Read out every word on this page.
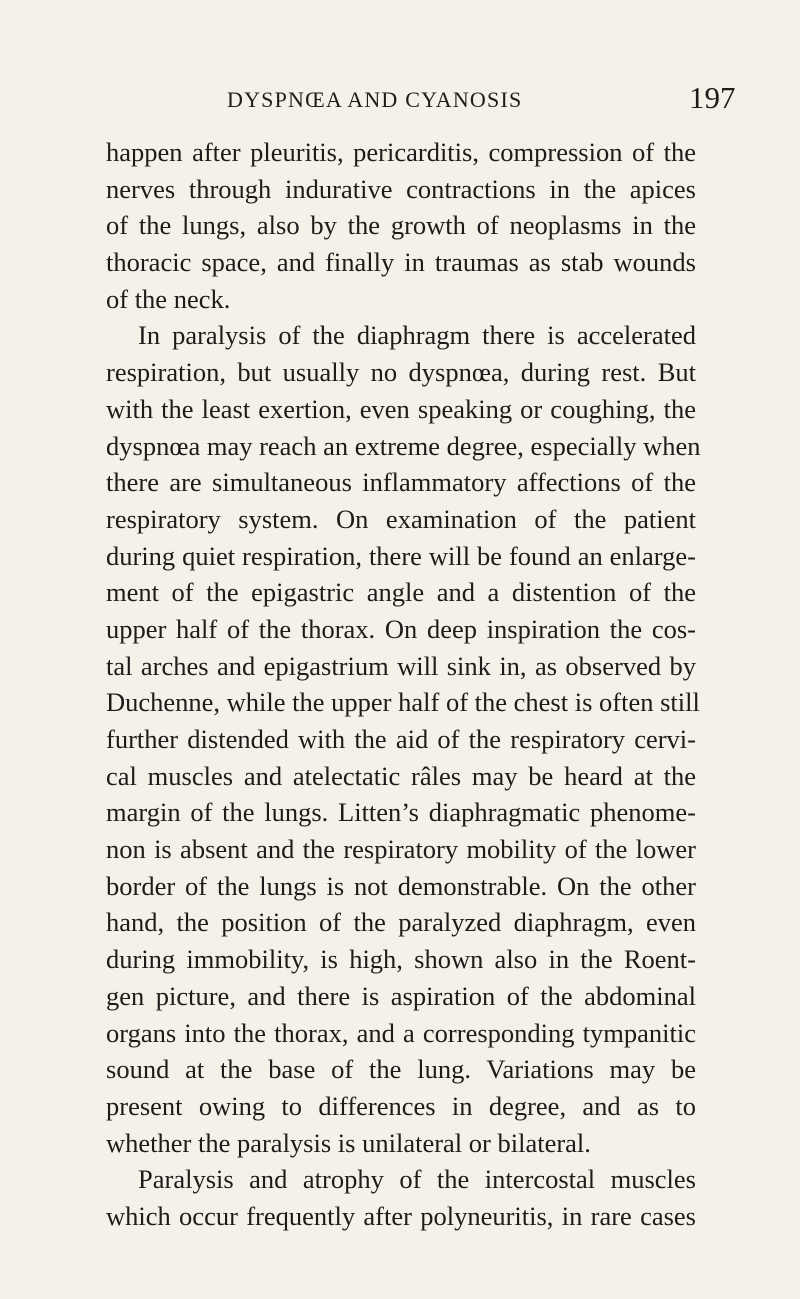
DYSPNŒA AND CYANOSIS	197
happen after pleuritis, pericarditis, compression of the
nerves through indurative contractions in the apices
of the lungs, also by the growth of neoplasms in the
thoracic space, and finally in traumas as stab wounds
of the neck.
In paralysis of the diaphragm there is accelerated
respiration, but usually no dyspnœa, during rest. But
with the least exertion, even speaking or coughing, the
dyspnœa may reach an extreme degree, especially when
there are simultaneous inflammatory affections of the
respiratory system. On examination of the patient
during quiet respiration, there will be found an enlarge-
ment of the epigastric angle and a distention of the
upper half of the thorax. On deep inspiration the cos-
tal arches and epigastrium will sink in, as observed by
Duchenne, while the upper half of the chest is often still
further distended with the aid of the respiratory cervi-
cal muscles and atelectatic râles may be heard at the
margin of the lungs. Litten’s diaphragmatic phenome-
non is absent and the respiratory mobility of the lower
border of the lungs is not demonstrable. On the other
hand, the position of the paralyzed diaphragm, even
during immobility, is high, shown also in the Roent-
gen picture, and there is aspiration of the abdominal
organs into the thorax, and a corresponding tympanitic
sound at the base of the lung. Variations may be
present owing to differences in degree, and as to
whether the paralysis is unilateral or bilateral.
Paralysis and atrophy of the intercostal muscles
which occur frequently after polyneuritis, in rare cases
